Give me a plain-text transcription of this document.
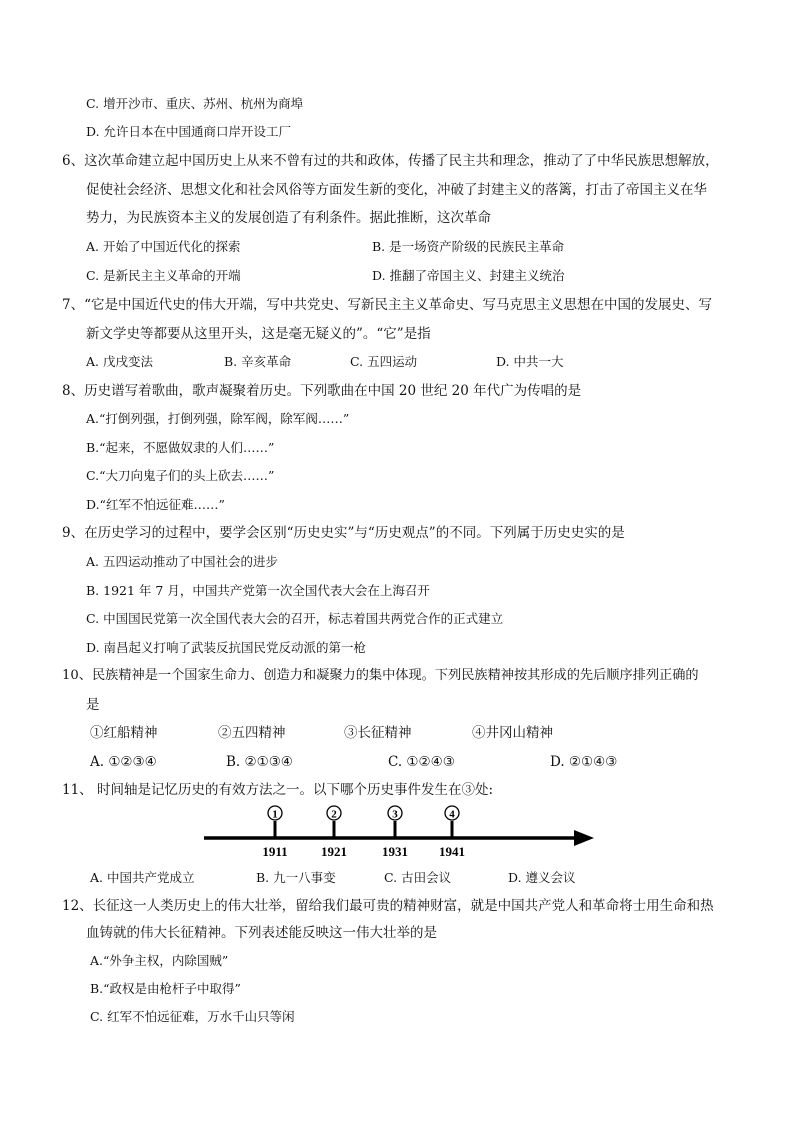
C. 增开沙市、重庆、苏州、杭州为商埠
D. 允许日本在中国通商口岸开设工厂
6、这次革命建立起中国历史上从来不曾有过的共和政体，传播了民主共和理念，推动了了中华民族思想解放，
促使社会经济、思想文化和社会风俗等方面发生新的变化，冲破了封建主义的落篱，打击了帝国主义在华
势力，为民族资本主义的发展创造了有利条件。据此推断，这次革命
A. 开始了中国近代化的探索	B. 是一场资产阶级的民族民主革命
C. 是新民主主义革命的开端	D. 推翻了帝国主义、封建主义统治
7、“它是中国近代史的伟大开端，写中共党史、写新民主主义革命史、写马克思主义思想在中国的发展史、写
新文学史等都要从这里开头，这是毫无疑义的”。“它”是指
A. 戊戌变法	B. 辛亥革命	C. 五四运动	D. 中共一大
8、历史谱写着歌曲，歌声凝聚着历史。下列歌曲在中国 20 世纪 20 年代广为传唱的是
A.“打倒列强，打倒列强，除军阀，除军阀……”
B.“起来，不愿做奴隶的人们……”
C.“大刀向鬼子们的头上砍去……”
D.“红军不怕远征难……”
9、在历史学习的过程中，要学会区别“历史史实”与“历史观点”的不同。下列属于历史史实的是
A. 五四运动推动了中国社会的进步
B. 1921 年 7 月，中国共产党第一次全国代表大会在上海召开
C. 中国国民党第一次全国代表大会的召开，标志着国共两党合作的正式建立
D. 南昌起义打响了武装反抗国民党反动派的第一枪
10、民族精神是一个国家生命力、创造力和凝聚力的集中体现。下列民族精神按其形成的先后顺序排列正确的
是
①红船精神	②五四精神	③长征精神	④井冈山精神
A. ①②③④	B. ②①③④	C. ①②④③	D. ②①④③
11、 时间轴是记忆历史的有效方法之一。以下哪个历史事件发生在③处:
1
1911
2
1921
3
1931
4
1941
A. 中国共产党成立	B. 九一八事变	C. 古田会议	D. 遵义会议
12、长征这一人类历史上的伟大壮举，留给我们最可贵的精神财富，就是中国共产党人和革命将士用生命和热
血铸就的伟大长征精神。下列表述能反映这一伟大壮举的是
A.“外争主权，内除国贼”
B.“政权是由枪杆子中取得”
C. 红军不怕远征难，万水千山只等闲
